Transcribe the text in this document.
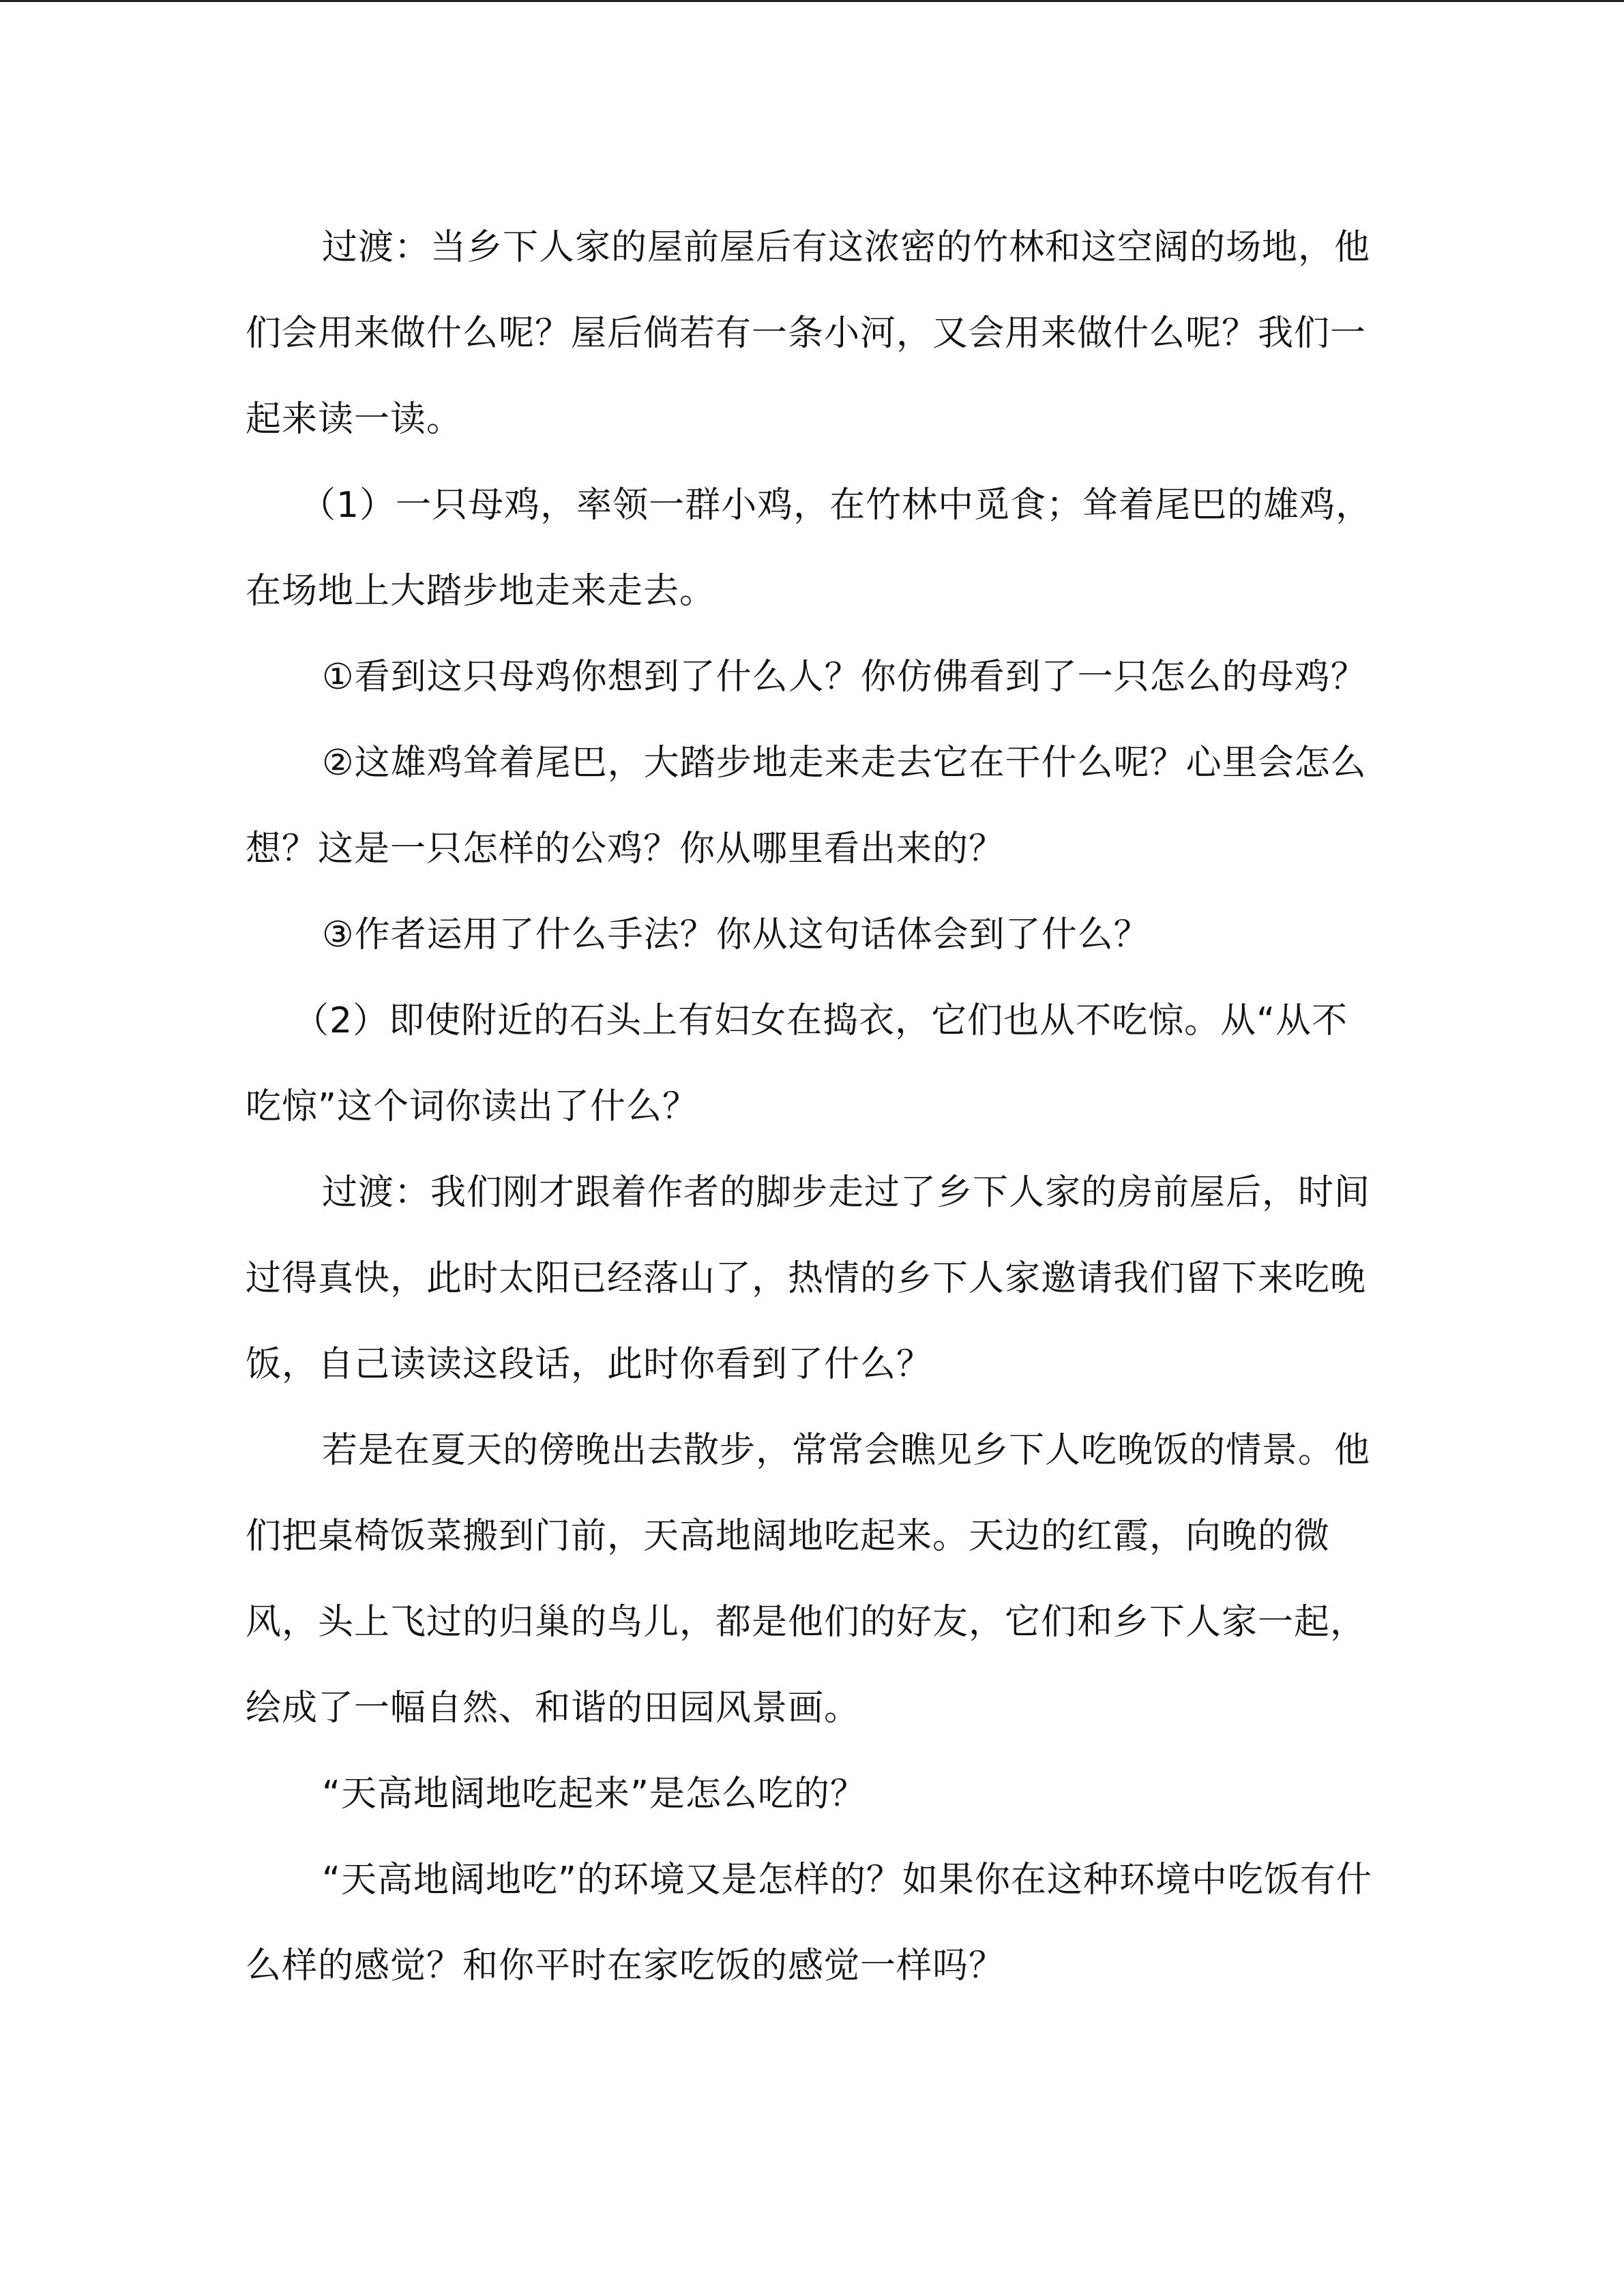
过渡：当乡下人家的屋前屋后有这浓密的竹林和这空阔的场地，他们会用来做什么呢？屋后倘若有一条小河，又会用来做什么呢？我们一起来读一读。

（1）一只母鸡，率领一群小鸡，在竹林中觅食；耸着尾巴的雄鸡，在场地上大踏步地走来走去。

①看到这只母鸡你想到了什么人？你仿佛看到了一只怎么的母鸡？

②这雄鸡耸着尾巴，大踏步地走来走去它在干什么呢？心里会怎么想？这是一只怎样的公鸡？你从哪里看出来的？

③作者运用了什么手法？你从这句话体会到了什么？

（2）即使附近的石头上有妇女在捣衣，它们也从不吃惊。从“从不吃惊”这个词你读出了什么？

过渡：我们刚才跟着作者的脚步走过了乡下人家的房前屋后，时间过得真快，此时太阳已经落山了，热情的乡下人家邀请我们留下来吃晚饭，自己读读这段话，此时你看到了什么？

若是在夏天的傍晚出去散步，常常会瞧见乡下人吃晚饭的情景。他们把桌椅饭菜搬到门前，天高地阔地吃起来。天边的红霞，向晚的微风，头上飞过的归巢的鸟儿，都是他们的好友，它们和乡下人家一起，绘成了一幅自然、和谐的田园风景画。

“天高地阔地吃起来”是怎么吃的？

“天高地阔地吃”的环境又是怎样的？如果你在这种环境中吃饭有什么样的感觉？和你平时在家吃饭的感觉一样吗？
